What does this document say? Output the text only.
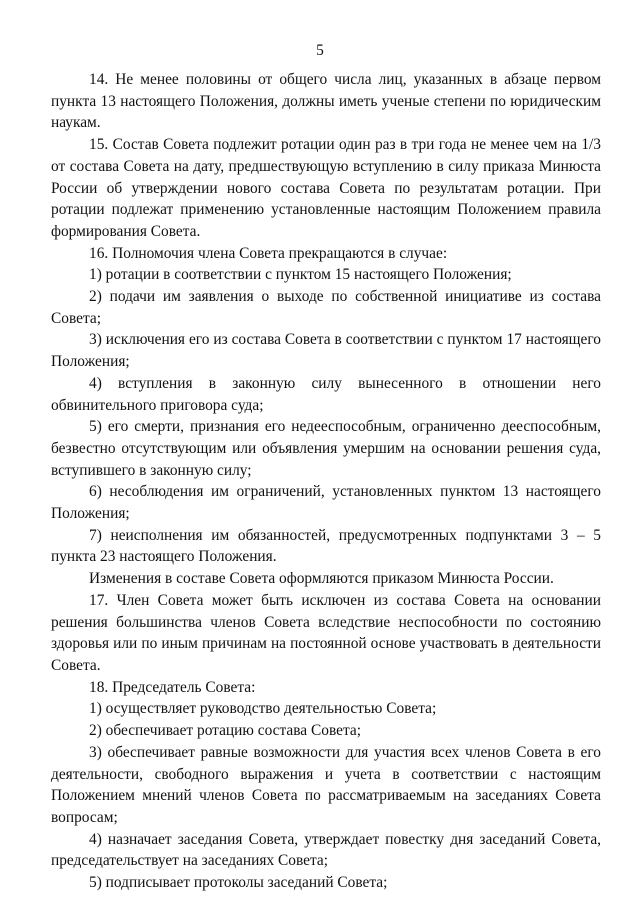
5

14. Не менее половины от общего числа лиц, указанных в абзаце первом пункта 13 настоящего Положения, должны иметь ученые степени по юридическим наукам.

15. Состав Совета подлежит ротации один раз в три года не менее чем на 1/3 от состава Совета на дату, предшествующую вступлению в силу приказа Минюста России об утверждении нового состава Совета по результатам ротации. При ротации подлежат применению установленные настоящим Положением правила формирования Совета.

16. Полномочия члена Совета прекращаются в случае:

1) ротации в соответствии с пунктом 15 настоящего Положения;

2) подачи им заявления о выходе по собственной инициативе из состава Совета;

3) исключения его из состава Совета в соответствии с пунктом 17 настоящего Положения;

4) вступления в законную силу вынесенного в отношении него обвинительного приговора суда;

5) его смерти, признания его недееспособным, ограниченно дееспособным, безвестно отсутствующим или объявления умершим на основании решения суда, вступившего в законную силу;

6) несоблюдения им ограничений, установленных пунктом 13 настоящего Положения;

7) неисполнения им обязанностей, предусмотренных подпунктами 3 – 5 пункта 23 настоящего Положения.

Изменения в составе Совета оформляются приказом Минюста России.

17. Член Совета может быть исключен из состава Совета на основании решения большинства членов Совета вследствие неспособности по состоянию здоровья или по иным причинам на постоянной основе участвовать в деятельности Совета.

18. Председатель Совета:

1) осуществляет руководство деятельностью Совета;

2) обеспечивает ротацию состава Совета;

3) обеспечивает равные возможности для участия всех членов Совета в его деятельности, свободного выражения и учета в соответствии с настоящим Положением мнений членов Совета по рассматриваемым на заседаниях Совета вопросам;

4) назначает заседания Совета, утверждает повестку дня заседаний Совета, председательствует на заседаниях Совета;

5) подписывает протоколы заседаний Совета;
